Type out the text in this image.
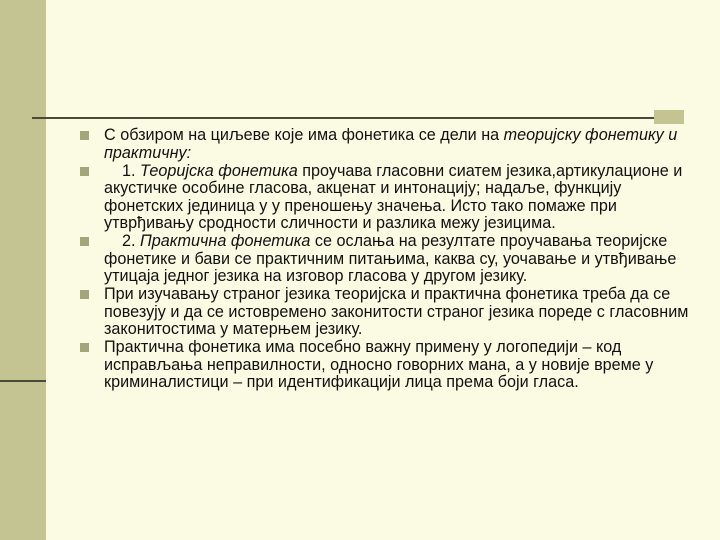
С обзиром на циљеве које има фонетика се дели на теоријску фонетику и практичну:
1. Теоријска фонетика проучава гласовни сиатем језика,артикулационе и акустичке особине гласова, акценат и интонацију; надаље, функцију фонетских јединица у у преношењу значења. Исто тако помаже при утврђивању сродности сличности и разлика межу језицима.
2. Практична фонетика се ослања на резултате проучавања теоријске фонетике и бави се практичним питањима, каква су, уочавање и утвђивање утицаја једног језика на изговор гласова у другом језику.
При изучавању страног језика теоријска и практична фонетика треба да се повезују и да се истовремено законитости страног језика пореде с гласовним законитостима у матерњем језику.
Практична фонетика има посебно важну примену у логопедији – код исправљања неправилности, односно говорних мана, а у новије време у криминалистици – при идентификацији лица према боји гласа.
